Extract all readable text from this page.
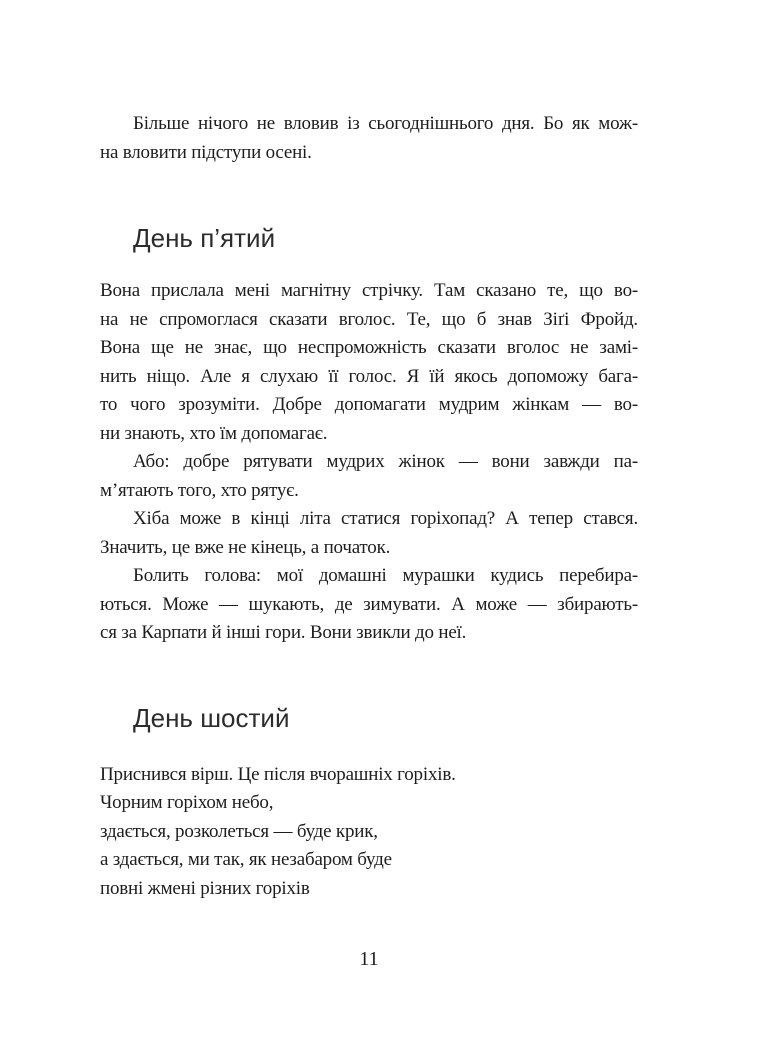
Більше нічого не вловив із сьогоднішнього дня. Бо як мож-
на вловити підступи осені.
День п’ятий
Вона прислала мені магнітну стрічку. Там сказано те, що во-
на не спромоглася сказати вголос. Те, що б знав Зіґі Фройд.
Вона ще не знає, що неспроможність сказати вголос не замі-
нить ніщо. Але я слухаю її голос. Я їй якось допоможу бага-
то чого зрозуміти. Добре допомагати мудрим жінкам — во-
ни знають, хто їм допомагає.
Або: добре рятувати мудрих жінок — вони завжди па-
м’ятають того, хто рятує.
Хіба може в кінці літа статися горіхопад? А тепер стався.
Значить, це вже не кінець, а початок.
Болить голова: мої домашні мурашки кудись перебира-
ються. Може — шукають, де зимувати. А може — збирають-
ся за Карпати й інші гори. Вони звикли до неї.
День шостий
Приснився вірш. Це після вчорашніх горіхів.
Чорним горіхом небо,
здається, розколеться — буде крик,
а здається, ми так, як незабаром буде
повні жмені різних горіхів
11
